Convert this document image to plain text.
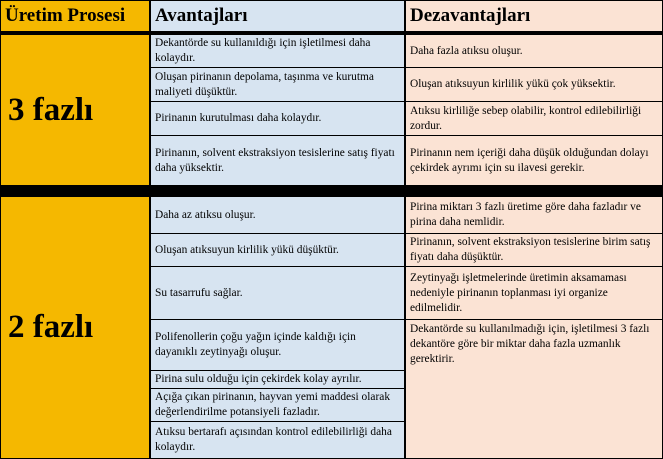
Üretim Prosesi	Avantajları	Dezavantajları
3 fazlı
Dekantörde su kullanıldığı için işletilmesi daha kolaydır.
Oluşan pirinanın depolama, taşınma ve kurutma maliyeti düşüktür.
Pirinanın kurutulması daha kolaydır.
Pirinanın, solvent ekstraksiyon tesislerine satış fiyatı daha yüksektir.
Daha fazla atıksu oluşur.
Oluşan atıksuyun kirlilik yükü çok yüksektir.
Atıksu kirliliğe sebep olabilir, kontrol edilebilirliği zordur.
Pirinanın nem içeriği daha düşük olduğundan dolayı çekirdek ayrımı için su ilavesi gerekir.
2 fazlı
Daha az atıksu oluşur.
Oluşan atıksuyun kirlilik yükü düşüktür.
Su tasarrufu sağlar.
Polifenollerin çoğu yağın içinde kaldığı için dayanıklı zeytinyağı oluşur.
Pirina sulu olduğu için çekirdek kolay ayrılır.
Açığa çıkan pirinanın, hayvan yemi maddesi olarak değerlendirilme potansiyeli fazladır.
Atıksu bertarafı açısından kontrol edilebilirliği daha kolaydır.
Pirina miktarı 3 fazlı üretime göre daha fazladır ve pirina daha nemlidir.
Pirinanın, solvent ekstraksiyon tesislerine birim satış fiyatı daha düşüktür.
Zeytinyağı işletmelerinde üretimin aksamaması nedeniyle pirinanın toplanması iyi organize edilmelidir.
Dekantörde su kullanılmadığı için, işletilmesi 3 fazlı dekantöre göre bir miktar daha fazla uzmanlık gerektirir.
